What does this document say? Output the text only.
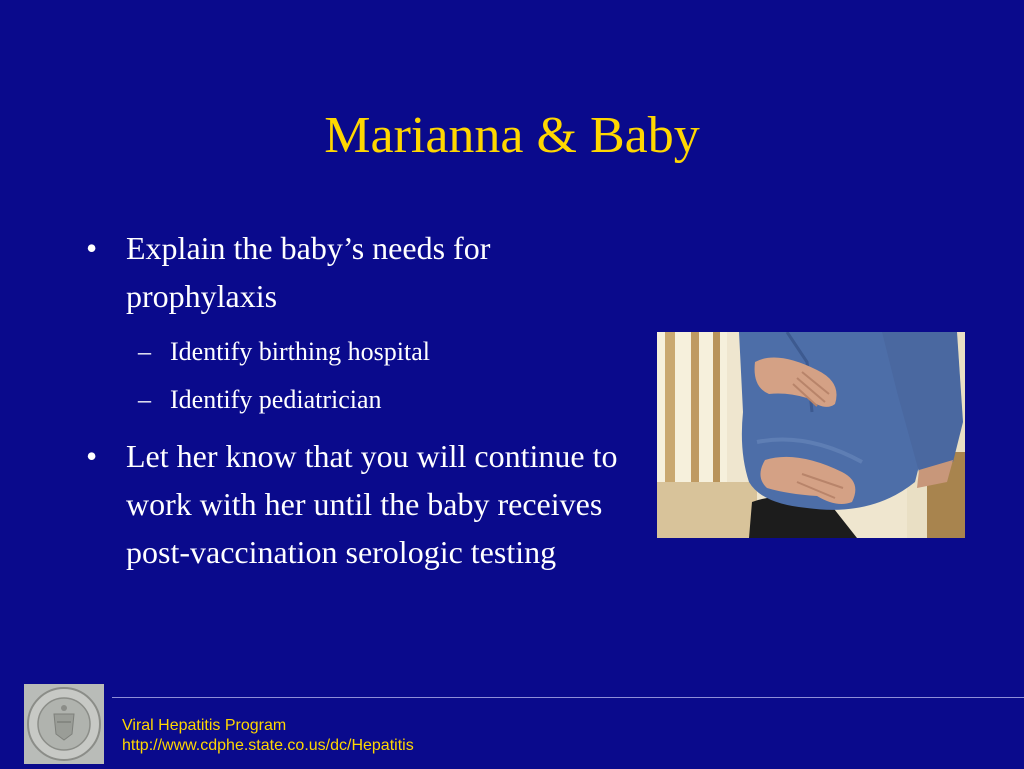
Marianna & Baby
• Explain the baby’s needs for prophylaxis
– Identify birthing hospital
– Identify pediatrician
• Let her know that you will continue to work with her until the baby receives post-vaccination serologic testing
Viral Hepatitis Program
http://www.cdphe.state.co.us/dc/Hepatitis
